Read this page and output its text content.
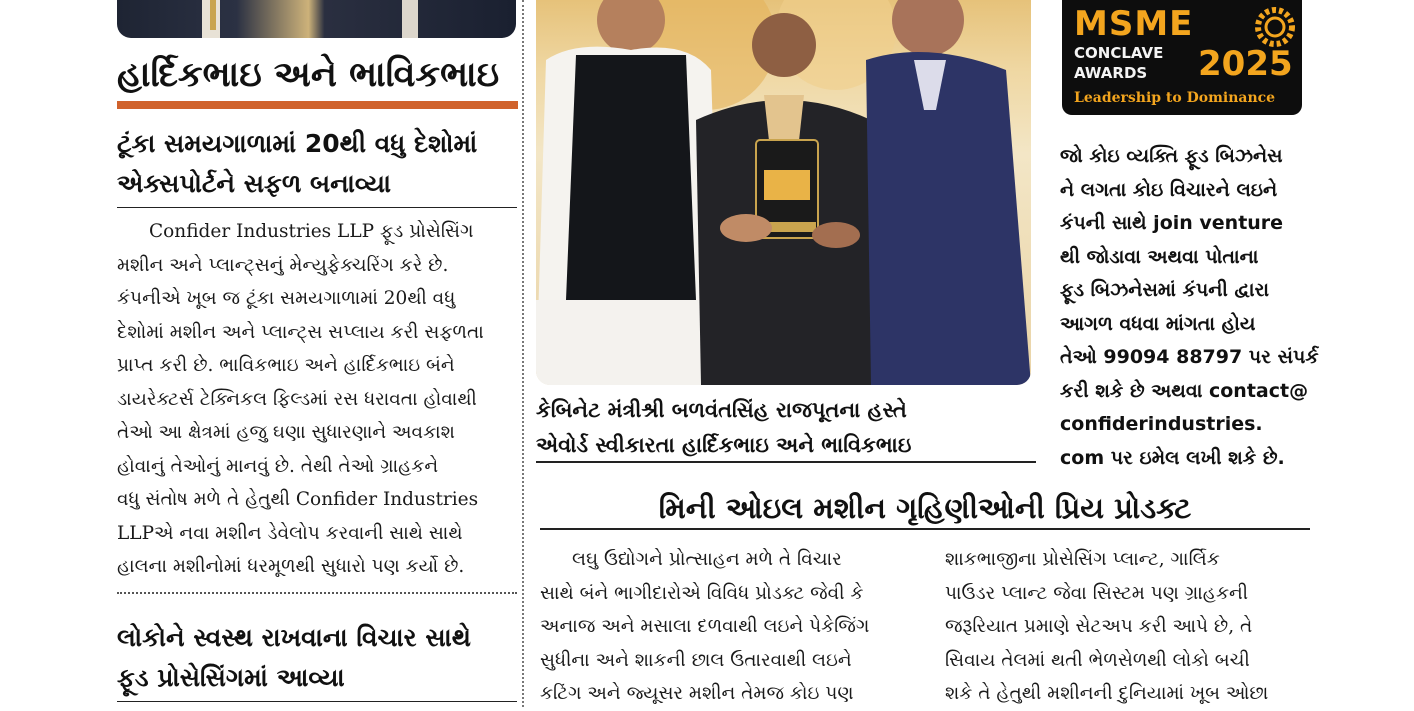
હાર્દિકભાઇ અને ભાવિકભાઇ
ટૂંકા સમયગાળામાં 20થી વધુ દેશોમાં
એક્સપોર્ટને સફળ બનાવ્યા
Confider Industries LLP ફૂડ પ્રોસેસિંગ
મશીન અને પ્લાન્ટ્સનું મેન્યુફેક્ચરિંગ કરે છે.
કંપનીએ ખૂબ જ ટૂંકા સમયગાળામાં 20થી વધુ
દેશોમાં મશીન અને પ્લાન્ટ્સ સપ્લાય કરી સફળતા
પ્રાપ્ત કરી છે. ભાવિકભાઇ અને હાર્દિકભાઇ બંને
ડાયરેક્ટર્સ ટેક્નિકલ ફિલ્ડમાં રસ ધરાવતા હોવાથી
તેઓ આ ક્ષેત્રમાં હજુ ઘણા સુધારણાને અવકાશ
હોવાનું તેઓનું માનવું છે. તેથી તેઓ ગ્રાહકને
વધુ સંતોષ મળે તે હેતુથી Confider Industries
LLPએ નવા મશીન ડેવેલોપ કરવાની સાથે સાથે
હાલના મશીનોમાં ધરમૂળથી સુધારો પણ કર્યો છે.
લોકોને સ્વસ્થ રાખવાના વિચાર સાથે
ફૂડ પ્રોસેસિંગમાં આવ્યા
કેબિનેટ મંત્રીશ્રી બળવંતસિંહ રાજપૂતના હસ્તે
એવોર્ડ સ્વીકારતા હાર્દિકભાઇ અને ભાવિકભાઇ
MSME
CONCLAVE
AWARDS 2025
Leadership to Dominance
જો કોઇ વ્યક્તિ ફૂડ બિઝનેસ
ને લગતા કોઇ વિચારને લઇને
કંપની સાથે join venture
થી જોડાવા અથવા પોતાના
ફૂડ બિઝનેસમાં કંપની દ્વારા
આગળ વધવા માંગતા હોય
તેઓ 99094 88797 પર સંપર્ક
કરી શકે છે અથવા contact@
confiderindustries.
com પર ઇમેલ લખી શકે છે.
મિની ઓઇલ મશીન ગૃહિણીઓની પ્રિય પ્રોડક્ટ
લઘુ ઉદ્યોગને પ્રોત્સાહન મળે તે વિચાર
સાથે બંને ભાગીદારોએ વિવિધ પ્રોડક્ટ જેવી કે
અનાજ અને મસાલા દળવાથી લઇને પેકેજિંગ
સુધીના અને શાકની છાલ ઉતારવાથી લઇને
કટિંગ અને જ્યૂસર મશીન તેમજ કોઇ પણ
શાકભાજીના પ્રોસેસિંગ પ્લાન્ટ, ગાર્લિક
પાઉડર પ્લાન્ટ જેવા સિસ્ટમ પણ ગ્રાહકની
જરૂરિયાત પ્રમાણે સેટઅપ કરી આપે છે, તે
સિવાય તેલમાં થતી ભેળસેળથી લોકો બચી
શકે તે હેતુથી મશીનની દુનિયામાં ખૂબ ઓછા
